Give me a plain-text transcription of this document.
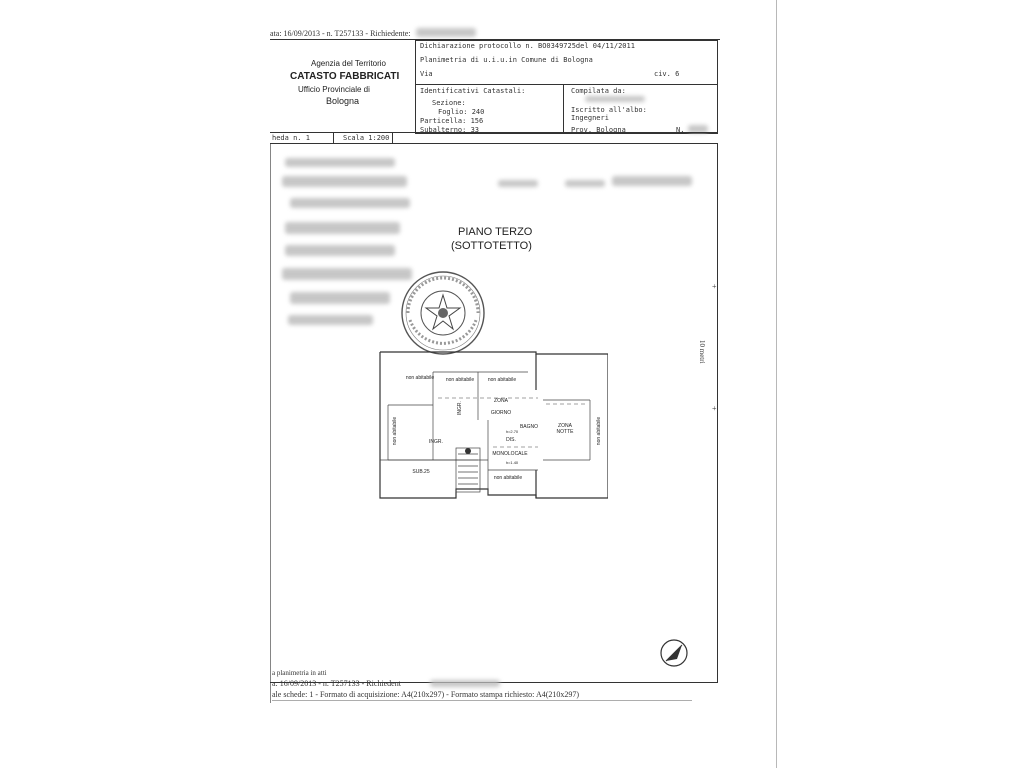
ata: 16/09/2013 - n. T257133 - Richiedente:
Agenzia del Territorio
CATASTO FABBRICATI
Ufficio Provinciale di
Bologna
Dichiarazione protocollo n. BO0349725del 04/11/2011
Planimetria di u.i.u.in Comune di Bologna
Via	civ. 6
Identificativi Catastali:
Sezione:
Foglio: 240
Particella: 156
Subalterno: 33
Compilata da:
Iscritto all'albo:
Ingegneri
Prov. Bologna	N.
heda n. 1	Scala 1:200
+
+
10 metri
PIANO TERZO
(SOTTOTETTO)
non abitabile	non abitabile	non abitabile
non abitabile	non abitabile
non abitabile
ZONA
GIORNO
INGR.
BAGNO	ZONA
NOTTE
INGR.	DIS.
MONOLOCALE
SUB.25
h=1.40
h=2.70
a planimetria in atti
a: 16/09/2013 - n. T257133 - Richiedent
ale schede: 1 - Formato di acquisizione: A4(210x297) - Formato stampa richiesto: A4(210x297)
